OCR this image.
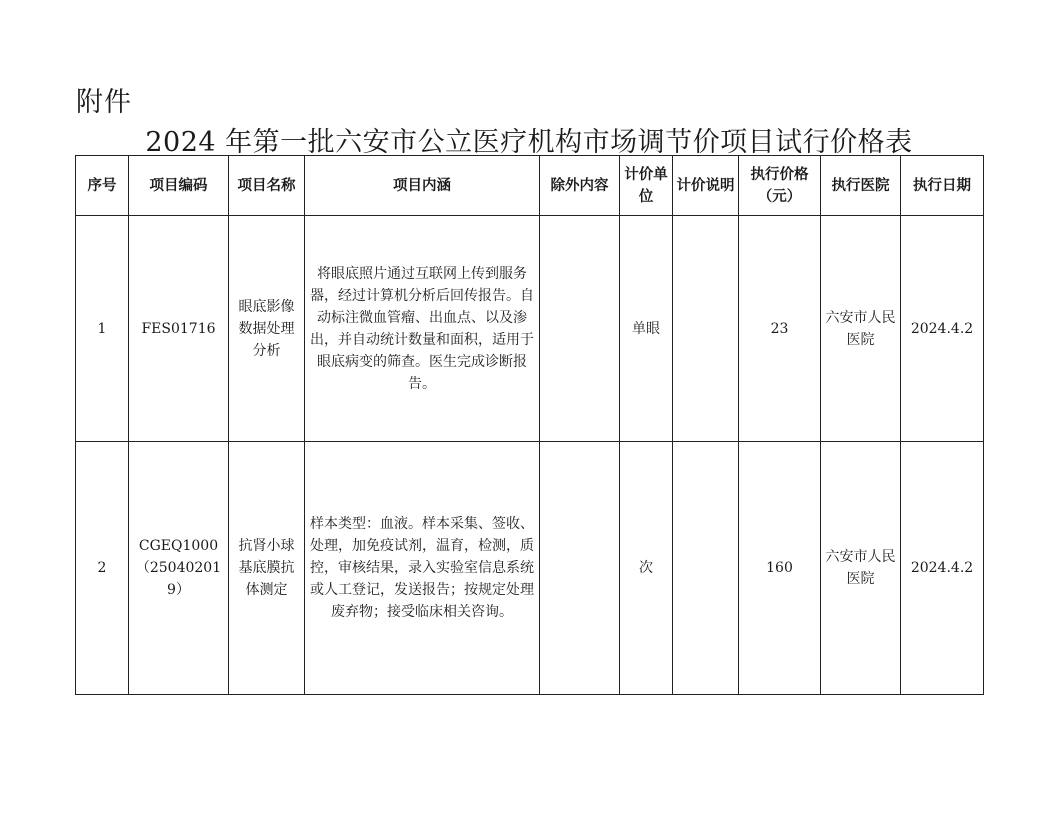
附件
2024 年第一批六安市公立医疗机构市场调节价项目试行价格表
序号	项目编码	项目名称	项目内涵	除外内容	计价单位	计价说明	执行价格（元）	执行医院	执行日期
1	FES01716	眼底影像数据处理分析	将眼底照片通过互联网上传到服务器，经过计算机分析后回传报告。自动标注微血管瘤、出血点、以及渗出，并自动统计数量和面积，适用于眼底病变的筛查。医生完成诊断报告。		单眼		23	六安市人民医院	2024.4.2
2	CGEQ1000（250402019）	抗肾小球基底膜抗体测定	样本类型：血液。样本采集、签收、处理，加免疫试剂，温育，检测，质控，审核结果，录入实验室信息系统或人工登记，发送报告；按规定处理废弃物；接受临床相关咨询。		次		160	六安市人民医院	2024.4.2
